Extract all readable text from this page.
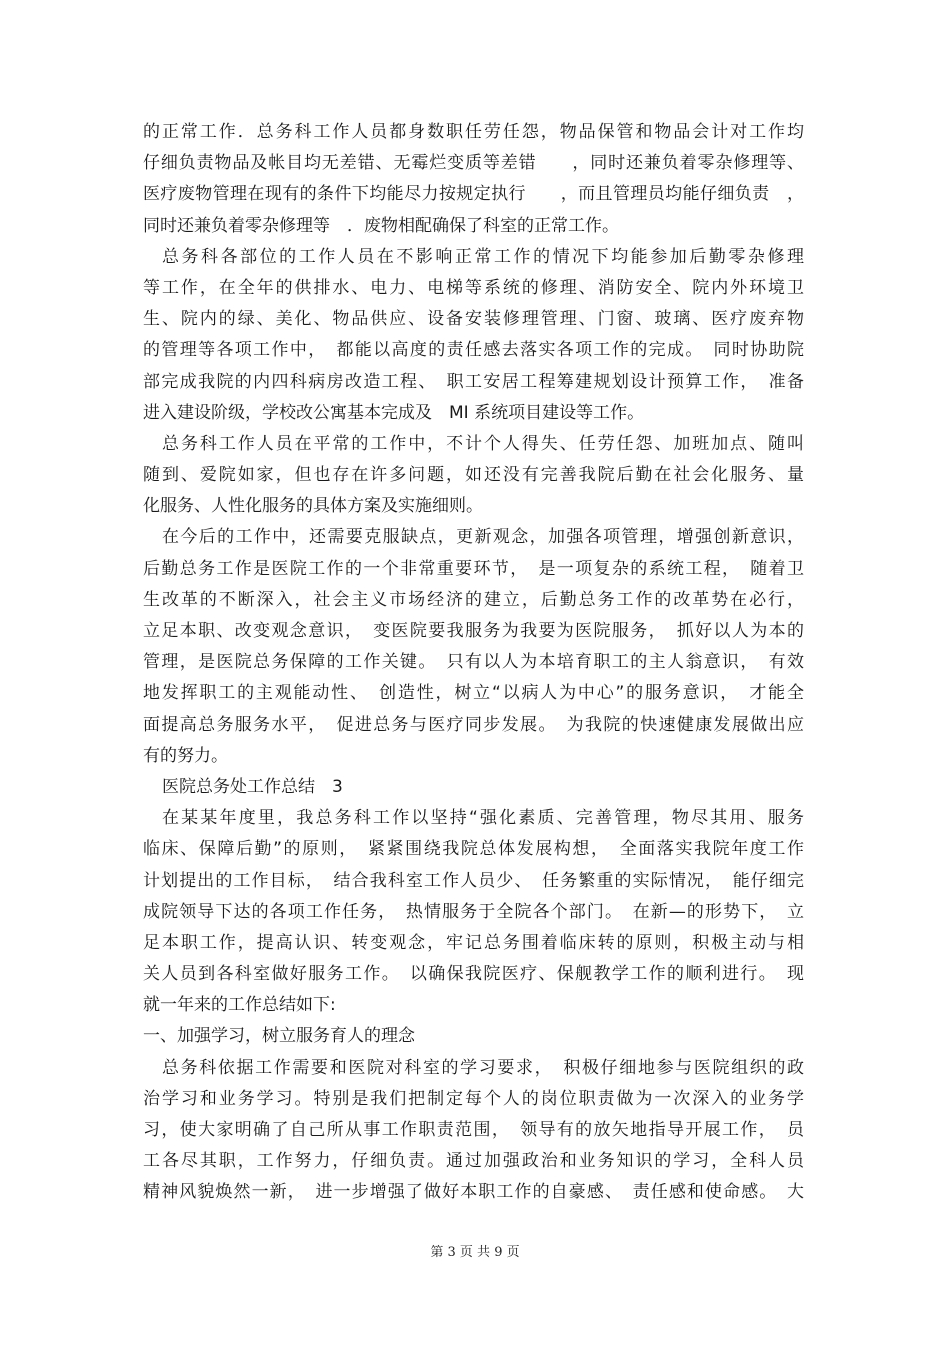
的正常工作．总务科工作人员都身数职任劳任怨，物品保管和物品会计对工作均
仔细负责物品及帐目均无差错、无霉烂变质等差错　　，同时还兼负着零杂修理等、
医疗废物管理在现有的条件下均能尽力按规定执行　　，而且管理员均能仔细负责　，
同时还兼负着零杂修理等　．废物相配确保了科室的正常工作。
总务科各部位的工作人员在不影响正常工作的情况下均能参加后勤零杂修理
等工作，在全年的供排水、电力、电梯等系统的修理、消防安全、院内外环境卫
生、院内的绿、美化、物品供应、设备安装修理管理、门窗、玻璃、医疗废弃物
的管理等各项工作中，　都能以高度的责任感去落实各项工作的完成。　同时协助院
部完成我院的内四科病房改造工程、　职工安居工程筹建规划设计预算工作，　准备
进入建设阶级，学校改公寓基本完成及　MI 系统项目建设等工作。
总务科工作人员在平常的工作中，不计个人得失、任劳任怨、加班加点、随叫
随到、爱院如家，但也存在许多问题，如还没有完善我院后勤在社会化服务、量
化服务、人性化服务的具体方案及实施细则。
在今后的工作中，还需要克服缺点，更新观念，加强各项管理，增强创新意识，
后勤总务工作是医院工作的一个非常重要环节，　是一项复杂的系统工程，　随着卫
生改革的不断深入，社会主义市场经济的建立，后勤总务工作的改革势在必行，
立足本职、改变观念意识，　变医院要我服务为我要为医院服务，　抓好以人为本的
管理，是医院总务保障的工作关键。　只有以人为本培育职工的主人翁意识，　有效
地发挥职工的主观能动性、　创造性，树立“以病人为中心”的服务意识，　才能全
面提高总务服务水平，　促进总务与医疗同步发展。　为我院的快速健康发展做出应
有的努力。
医院总务处工作总结　3
在某某年度里，我总务科工作以坚持“强化素质、完善管理，物尽其用、服务
临床、保障后勤”的原则，　紧紧围绕我院总体发展构想，　全面落实我院年度工作
计划提出的工作目标，　结合我科室工作人员少、　任务繁重的实际情况，　能仔细完
成院领导下达的各项工作任务，　热情服务于全院各个部门。　在新—的形势下，　立
足本职工作，提高认识、转变观念，牢记总务围着临床转的原则，积极主动与相
关人员到各科室做好服务工作。　以确保我院医疗、保舰教学工作的顺利进行。　现
就一年来的工作总结如下:
一、加强学习，树立服务育人的理念
总务科依据工作需要和医院对科室的学习要求，　积极仔细地参与医院组织的政
治学习和业务学习。特别是我们把制定每个人的岗位职责做为一次深入的业务学
习，使大家明确了自己所从事工作职责范围，　领导有的放矢地指导开展工作，　员
工各尽其职，工作努力，仔细负责。通过加强政治和业务知识的学习，全科人员
精神风貌焕然一新，　进一步增强了做好本职工作的自豪感、　责任感和使命感。　大
第 3 页 共 9 页
